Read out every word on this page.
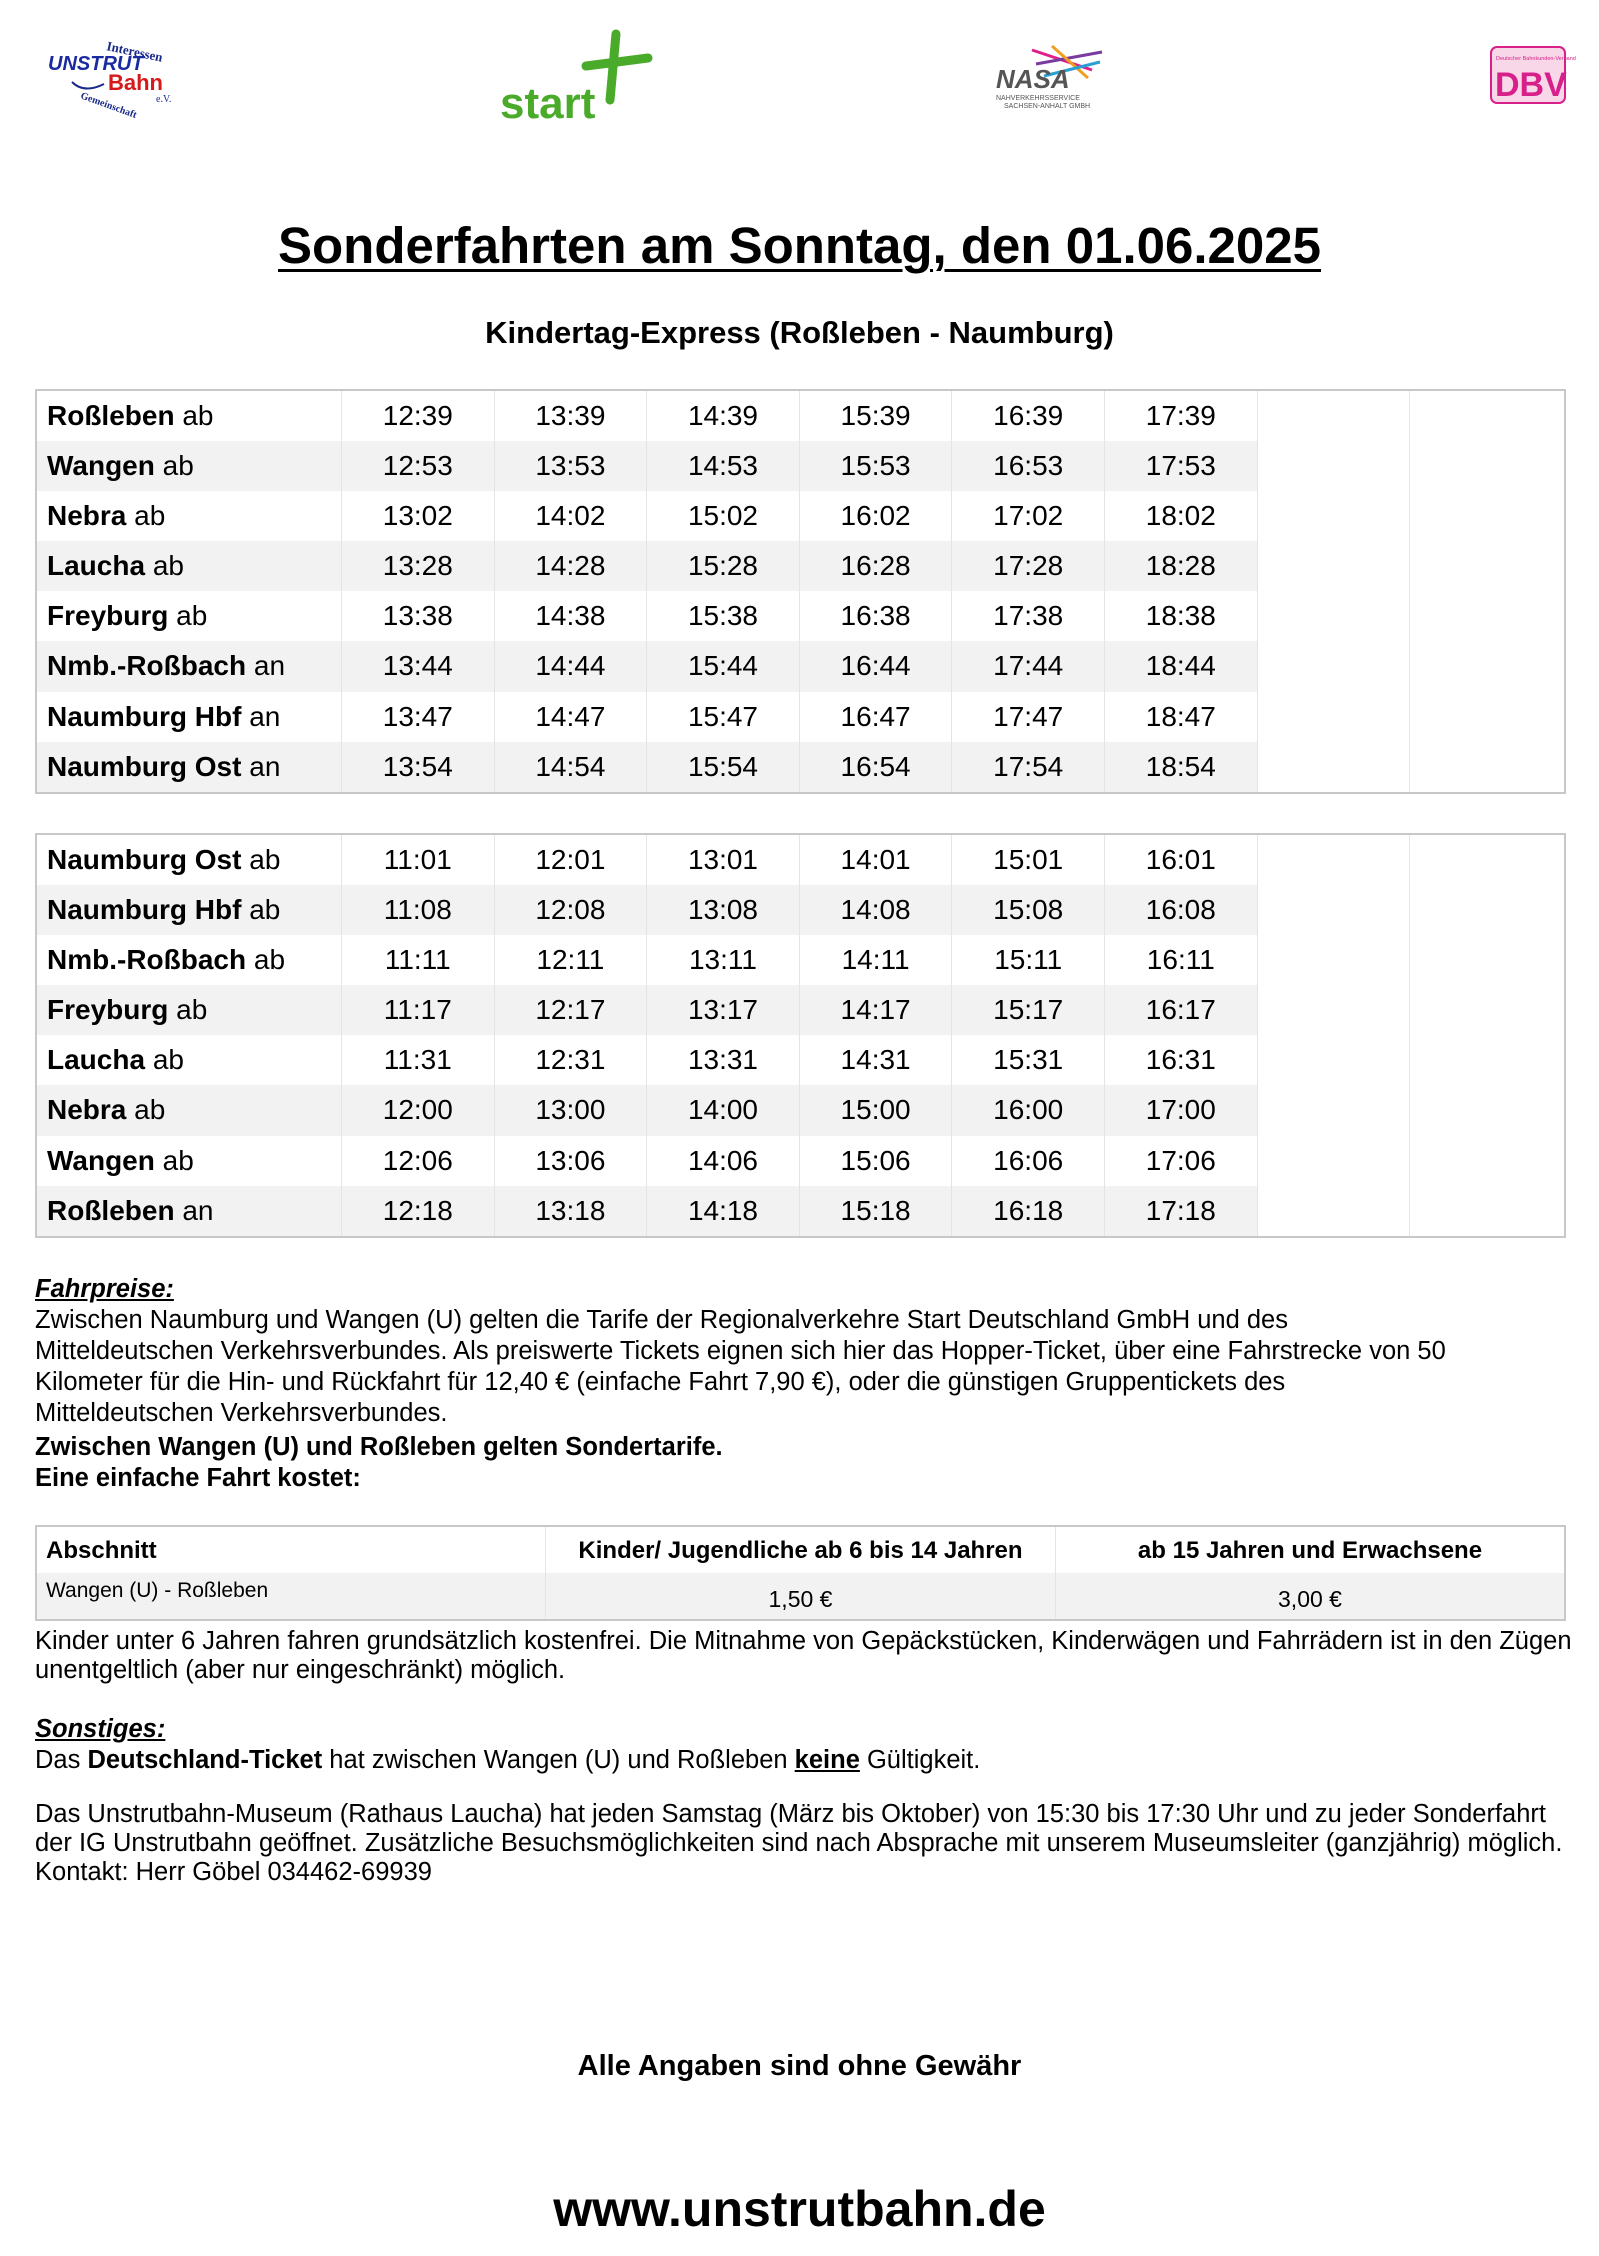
Interessen
UNSTRUT
Bahn
Gemeinschaft e.V.	start	NASA
NAHVERKEHRSSERVICE
SACHSEN-ANHALT GMBH
Deutscher Bahnkunden-Verband
DBV
Sonderfahrten am Sonntag, den 01.06.2025
Kindertag-Express (Roßleben - Naumburg)
Roßleben ab	12:39	13:39	14:39	15:39	16:39	17:39
Wangen ab	12:53	13:53	14:53	15:53	16:53	17:53
Nebra ab	13:02	14:02	15:02	16:02	17:02	18:02
Laucha ab	13:28	14:28	15:28	16:28	17:28	18:28
Freyburg ab	13:38	14:38	15:38	16:38	17:38	18:38
Nmb.-Roßbach an	13:44	14:44	15:44	16:44	17:44	18:44
Naumburg Hbf an	13:47	14:47	15:47	16:47	17:47	18:47
Naumburg Ost an	13:54	14:54	15:54	16:54	17:54	18:54
Naumburg Ost ab	11:01	12:01	13:01	14:01	15:01	16:01
Naumburg Hbf ab	11:08	12:08	13:08	14:08	15:08	16:08
Nmb.-Roßbach ab	11:11	12:11	13:11	14:11	15:11	16:11
Freyburg ab	11:17	12:17	13:17	14:17	15:17	16:17
Laucha ab	11:31	12:31	13:31	14:31	15:31	16:31
Nebra ab	12:00	13:00	14:00	15:00	16:00	17:00
Wangen ab	12:06	13:06	14:06	15:06	16:06	17:06
Roßleben an	12:18	13:18	14:18	15:18	16:18	17:18
Fahrpreise:
Zwischen Naumburg und Wangen (U) gelten die Tarife der Regionalverkehre Start Deutschland GmbH und des
Mitteldeutschen Verkehrsverbundes. Als preiswerte Tickets eignen sich hier das Hopper-Ticket, über eine Fahrstrecke von 50
Kilometer für die Hin- und Rückfahrt für 12,40 € (einfache Fahrt 7,90 €), oder die günstigen Gruppentickets des
Mitteldeutschen Verkehrsverbundes.
Zwischen Wangen (U) und Roßleben gelten Sondertarife.
Eine einfache Fahrt kostet:
Abschnitt	Kinder/ Jugendliche ab 6 bis 14 Jahren	ab 15 Jahren und Erwachsene
Wangen (U) - Roßleben	1,50 €	3,00 €
Kinder unter 6 Jahren fahren grundsätzlich kostenfrei. Die Mitnahme von Gepäckstücken, Kinderwägen und Fahrrädern ist in den Zügen
unentgeltlich (aber nur eingeschränkt) möglich.
Sonstiges:
Das Deutschland-Ticket hat zwischen Wangen (U) und Roßleben keine Gültigkeit.
Das Unstrutbahn-Museum (Rathaus Laucha) hat jeden Samstag (März bis Oktober) von 15:30 bis 17:30 Uhr und zu jeder Sonderfahrt
der IG Unstrutbahn geöffnet. Zusätzliche Besuchsmöglichkeiten sind nach Absprache mit unserem Museumsleiter (ganzjährig) möglich.
Kontakt: Herr Göbel 034462-69939
Alle Angaben sind ohne Gewähr
www.unstrutbahn.de
